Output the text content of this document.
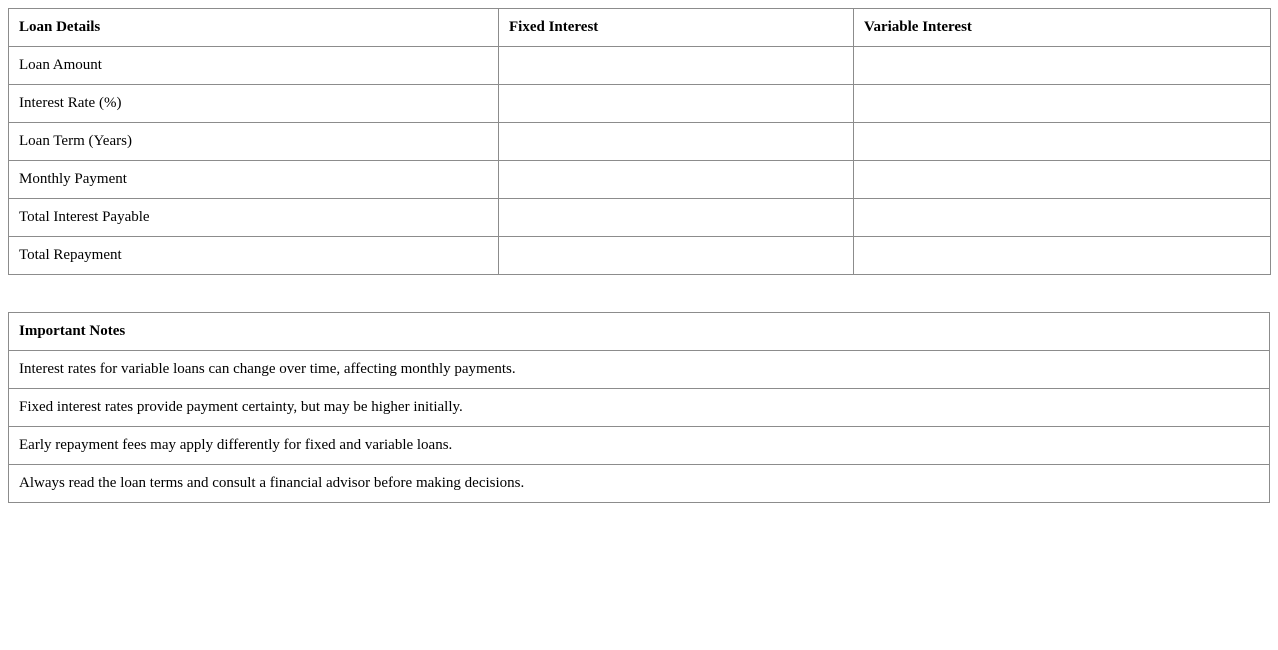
Loan Details	Fixed Interest	Variable Interest
Loan Amount		
Interest Rate (%)		
Loan Term (Years)		
Monthly Payment		
Total Interest Payable		
Total Repayment		
Important Notes
Interest rates for variable loans can change over time, affecting monthly payments.
Fixed interest rates provide payment certainty, but may be higher initially.
Early repayment fees may apply differently for fixed and variable loans.
Always read the loan terms and consult a financial advisor before making decisions.
